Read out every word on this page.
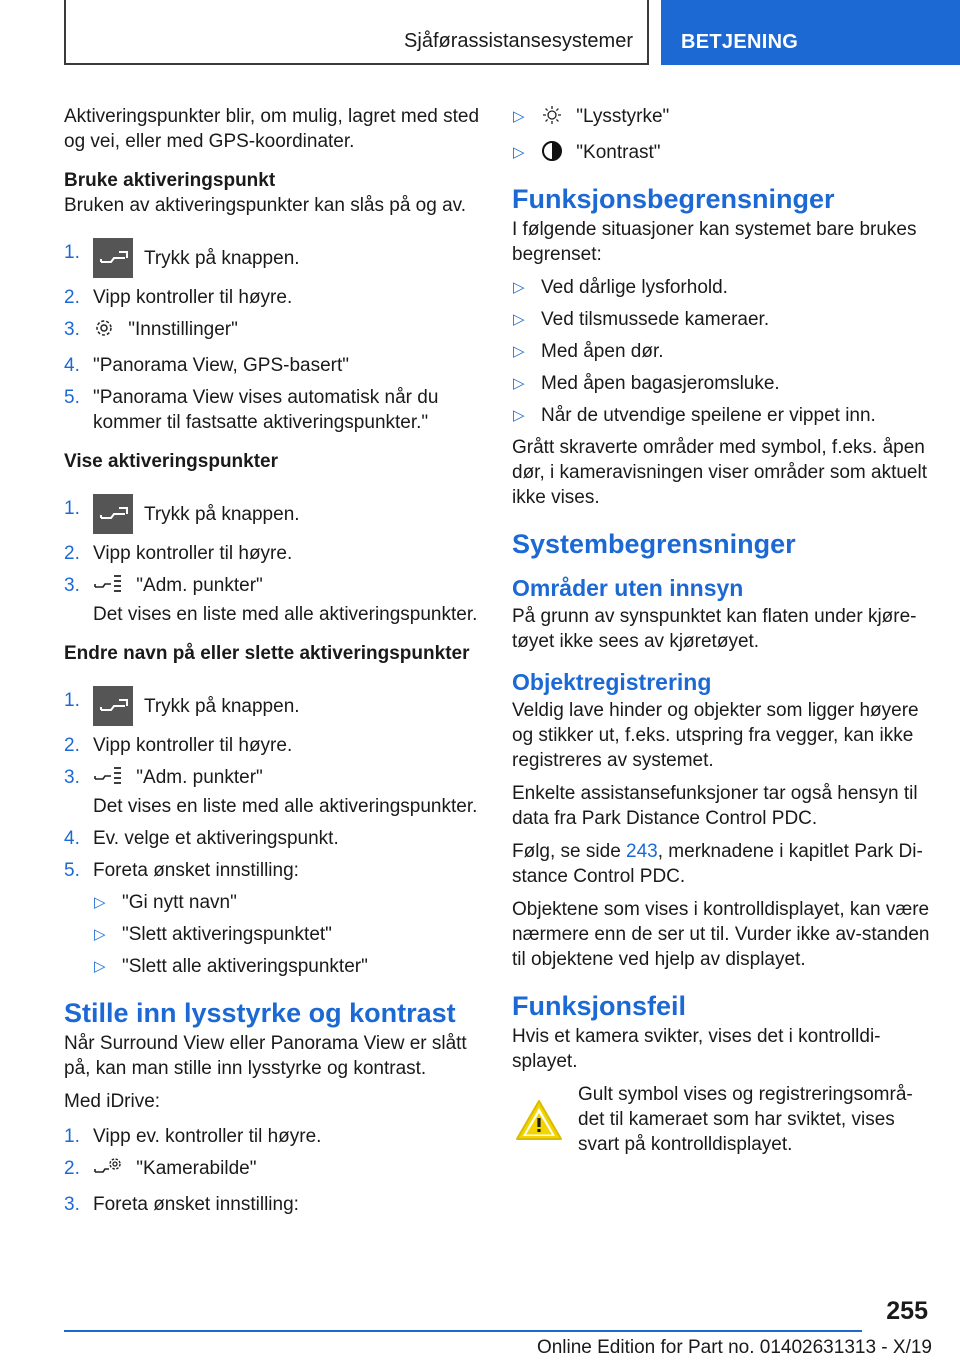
Sjåførassistansesystemer BETJENING

Aktiveringspunkter blir, om mulig, lagret med sted og vei, eller med GPS-koordinater.

Bruke aktiveringspunkt

Bruken av aktiveringspunkter kan slås på og av.

1.	Trykk på knappen.
2. Vipp kontroller til høyre.
3.	"Innstillinger"
4. "Panorama View, GPS-basert"
5. "Panorama View vises automatisk når du kommer til fastsatte aktiveringspunkter."
Vise aktiveringspunkter
1.	Trykk på knappen.
2. Vipp kontroller til høyre.
3.	"Adm. punkter"
Det vises en liste med alle aktiveringspunkter.
Endre navn på eller slette aktiveringspunkter
1.	Trykk på knappen.
2. Vipp kontroller til høyre.
3.	"Adm. punkter"
Det vises en liste med alle aktiveringspunkter.
4. Ev. velge et aktiveringspunkt.
5. Foreta ønsket innstilling:
▷ "Gi nytt navn"
▷ "Slett aktiveringspunktet"
▷ "Slett alle aktiveringspunkter"
Stille inn lysstyrke og kontrast

Når Surround View eller Panorama View er slått på, kan man stille inn lysstyrke og kontrast.

Med iDrive:

1. Vipp ev. kontroller til høyre.
2.	"Kamerabilde"
3. Foreta ønsket innstilling:
▷	"Lysstyrke"
▷	"Kontrast"
Funksjonsbegrensninger

I følgende situasjoner kan systemet bare brukes begrenset:

▷ Ved dårlige lysforhold.
▷ Ved tilsmussede kameraer.
▷ Med åpen dør.
▷ Med åpen bagasjeromsluke.
▷ Når de utvendige speilene er vippet inn.

Grått skraverte områder med symbol, f.eks. åpen dør, i kameravisningen viser områder som aktuelt ikke vises.

Systembegrensninger
Områder uten innsyn

På grunn av synspunktet kan flaten under kjøre-tøyet ikke sees av kjøretøyet.

Objektregistrering

Veldig lave hinder og objekter som ligger høyere og stikker ut, f.eks. utspring fra vegger, kan ikke registreres av systemet.

Enkelte assistansefunksjoner tar også hensyn til data fra Park Distance Control PDC.

Følg, se side 243, merknadene i kapitlet Park Di-stance Control PDC.

Objektene som vises i kontrolldisplayet, kan være nærmere enn de ser ut til. Vurder ikke av-standen til objektene ved hjelp av displayet.

Funksjonsfeil

Hvis et kamera svikter, vises det i kontrolldi-splayet.

Gult symbol vises og registreringsområ-det til kameraet som har sviktet, vises svart på kontrolldisplayet.
255
Online Edition for Part no. 01402631313 - X/19
